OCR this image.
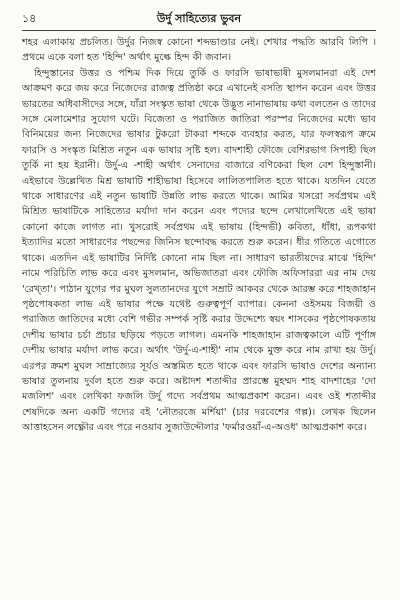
১৪	উর্দু সাহিত্যের ভুবন

শহর এলাকায় প্রচলিত। উর্দুর নিজস্ব কোনো শব্দভাণ্ডার নেই। শেখার পদ্ধতি আরবি লিপি । প্রথমে একে বলা হত 'হিন্দি' অর্থাৎ মুল্কে হিন্দ কী জবান।

হিন্দুস্তানের উত্তর ও পশ্চিম দিক দিয়ে তুর্কি ও ফারসি ভাষাভাষী মুসলমানরা এই দেশ আক্রমণ করে জয় করে নিজেদের রাজত্ব প্রতিষ্ঠা করে এখানেই বসতি স্থাপন করেন এবং উত্তর ভারতের অধিবাসীদের সঙ্গে, যাঁরা সংস্কৃত ভাষা থেকে উদ্ভূত নানাভাষায় কথা বলতেন ও তাদের সঙ্গে মেলামেশার সুযোগ ঘটে। বিজেতা ও পরাজিত জাতিরা পরস্পর নিজেদের মধ্যে ভাব বিনিময়ের জন্য নিজেদের ভাষার টুকরো টাকরা শব্দকে ব্যবহার করত, যার ফলস্বরূপ ক্রমে ফারসি ও সংস্কৃত মিশ্রিত নতুন এক ভাষার সৃষ্টি হল। বাদশাহী ফৌজে বেশিরভাগ সিপাহী ছিল তুর্কি না হয় ইরানী। উর্দু-এ -শাহী অর্থাৎ সেনাদের বাজারে বণিকেরা ছিল বেশ হিন্দুস্তানী। এইভাবে উল্লেখিত মিশ্র ভাষাটি শাহীভাষা হিসেবে লালিতপালিত হতে থাকে। যতদিন যেতে থাকে সাধারণের এই নতুন ভাষাটি উন্নতি লাভ করতে থাকে। আমির খসরো সর্বপ্রথম এই মিশ্রিত ভাষাটিকে সাহিত্যের মর্যাদা দান করেন এবং পদ্যের ছন্দে লেখালেখিতে এই ভাষা কোনো কাজে লাগত না। খুসরোই সর্বপ্রথম এই ভাষায় (হিন্দভী) কবিতা, ধাঁধা, রূপকথা ইত্যাদির মতো সাধারণের পছন্দের জিনিস ছন্দোবদ্ধ করতে শুরু করেন। ধীর গতিতে এগোতে থাকে। এতদিন এই ভাষাটির নির্দিষ্ট কোনো নাম ছিল না। সাধারণ ভারতীয়দের মাঝে 'হিন্দি' নামে পরিচিতি লাভ করে এবং মুসলমান, অভিজাতরা এবং ফৌজি অফিসাররা এর নাম দেয় 'রেখ্‌তা'। পাঠান যুগের পর মুঘল সুলতানদের যুগে সম্রাট আকবর থেকে আরম্ভ করে শাহজাহান পৃষ্ঠপোষকতা লাভ এই ভাষার পক্ষে যথেষ্ট গুরুত্বপূর্ণ ব্যাপার। কেননা ওইসময় বিজয়ী ও পরাজিত জাতিদের মধ্যে বেশি গভীর সম্পর্ক সৃষ্টি করার উদ্দেশ্যে স্বয়ং শাসকের পৃষ্ঠপোষকতায় দেশীয় ভাষার চর্চা প্রচার ছড়িয়ে পড়তে লাগল। এমনকি শাহজাহান রাজত্বকালে এটি পূর্ণাঙ্গ দেশীয় ভাষার মর্যাদা লাভ করে। অর্থাৎ 'উর্দু-এ-শাহী' নাম থেকে মুক্ত করে নাম রাখা হয় উর্দু। এরপর ক্রমশ মুঘল সাম্রাজ্যের সূর্যও অস্তমিত হতে থাকে এবং ফারসি ভাষাও দেশের অন্যান্য ভাষার তুলনায় দুর্বল হতে শুরু করে। অষ্টাদশ শতাব্দীর প্রারম্ভে মুহম্মদ শাহ বাদশাহের 'দো মজলিশ' এবং লেখিকা ফজলি উর্দু গদ্যে সর্বপ্রথম আত্মপ্রকাশ করেন। এবং ওই শতাব্দীর শেষদিকে অন্য একটি গদ্যের বই 'নৌতরজে মর্শিয়া' (চার দরবেশের গল্প)। লেখক ছিলেন আত্তাহসেন লক্ষ্ণৌর এবং পরে নওয়াব সুজাউদ্দৌলার 'ফর্মারওয়াঁ-এ-অওধ' আত্মপ্রকাশ করে।
